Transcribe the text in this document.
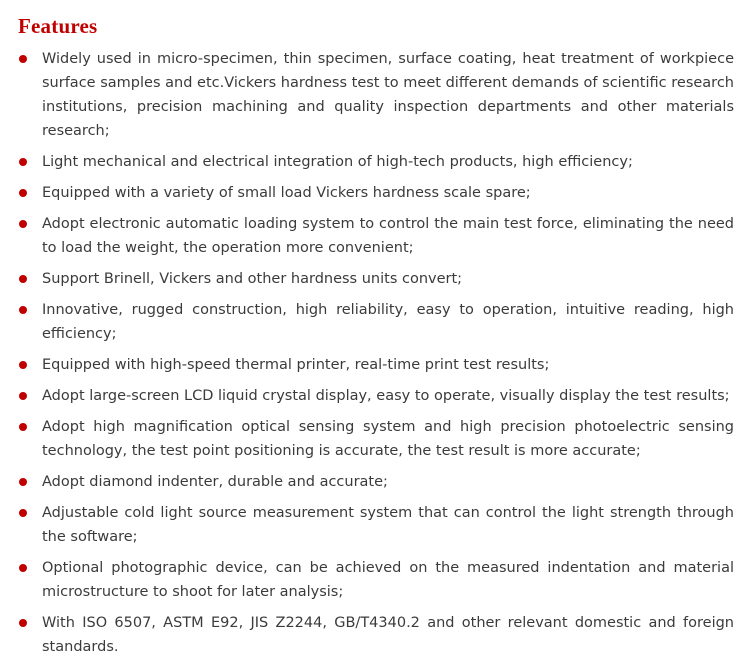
Features
Widely used in micro-specimen, thin specimen, surface coating, heat treatment of workpiece surface samples and etc.Vickers hardness test to meet different demands of scientific research institutions, precision machining and quality inspection departments and other materials research;
Light mechanical and electrical integration of high-tech products, high efficiency;
Equipped with a variety of small load Vickers hardness scale spare;
Adopt electronic automatic loading system to control the main test force, eliminating the need to load the weight, the operation more convenient;
Support Brinell, Vickers and other hardness units convert;
Innovative, rugged construction, high reliability, easy to operation, intuitive reading, high efficiency;
Equipped with high-speed thermal printer, real-time print test results;
Adopt large-screen LCD liquid crystal display, easy to operate, visually display the test results;
Adopt high magnification optical sensing system and high precision photoelectric sensing technology, the test point positioning is accurate, the test result is more accurate;
Adopt diamond indenter, durable and accurate;
Adjustable cold light source measurement system that can control the light strength through the software;
Optional photographic device, can be achieved on the measured indentation and material microstructure to shoot for later analysis;
With ISO 6507, ASTM E92, JIS Z2244, GB/T4340.2 and other relevant domestic and foreign standards.
